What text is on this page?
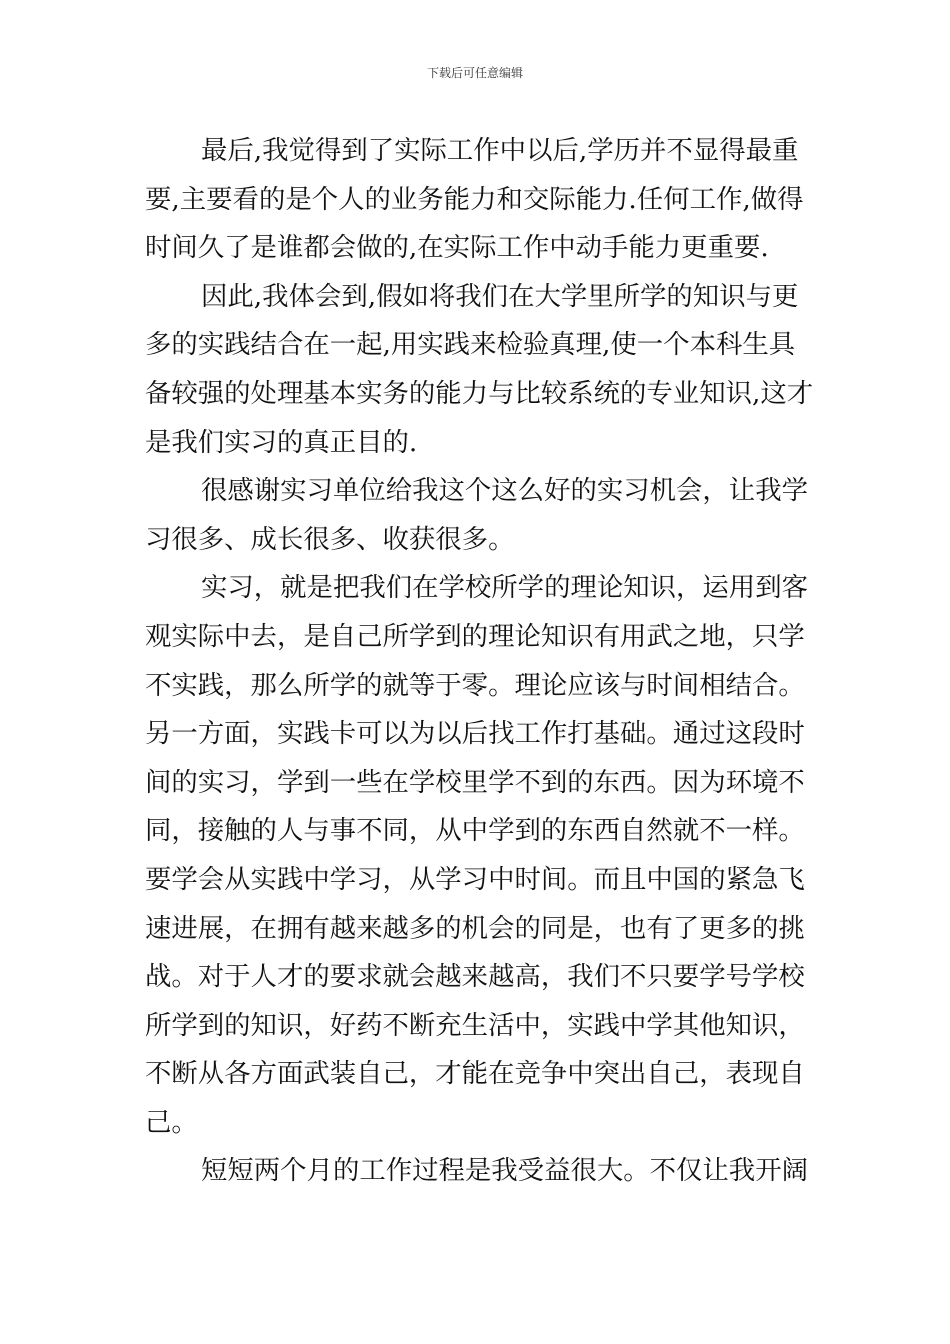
下载后可任意编辑

最后,我觉得到了实际工作中以后,学历并不显得最重
要,主要看的是个人的业务能力和交际能力.任何工作,做得
时间久了是谁都会做的,在实际工作中动手能力更重要.

因此,我体会到,假如将我们在大学里所学的知识与更
多的实践结合在一起,用实践来检验真理,使一个本科生具
备较强的处理基本实务的能力与比较系统的专业知识,这才
是我们实习的真正目的.

很感谢实习单位给我这个这么好的实习机会，让我学
习很多、成长很多、收获很多。

实习，就是把我们在学校所学的理论知识，运用到客
观实际中去，是自己所学到的理论知识有用武之地，只学
不实践，那么所学的就等于零。理论应该与时间相结合。
另一方面，实践卡可以为以后找工作打基础。通过这段时
间的实习，学到一些在学校里学不到的东西。因为环境不
同，接触的人与事不同，从中学到的东西自然就不一样。
要学会从实践中学习，从学习中时间。而且中国的紧急飞
速进展，在拥有越来越多的机会的同是，也有了更多的挑
战。对于人才的要求就会越来越高，我们不只要学号学校
所学到的知识，好药不断充生活中，实践中学其他知识，
不断从各方面武装自己，才能在竞争中突出自己，表现自
己。

短短两个月的工作过程是我受益很大。不仅让我开阔
